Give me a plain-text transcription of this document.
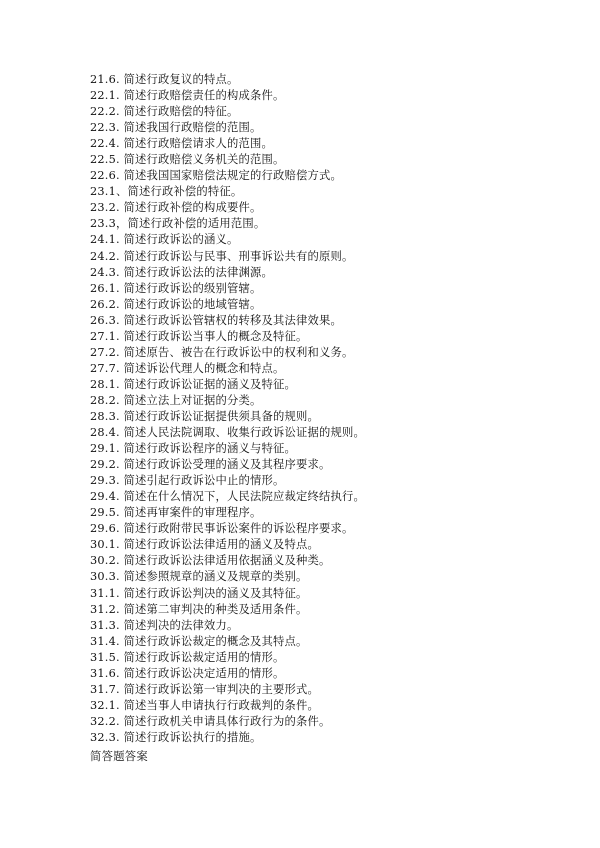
21.6. 简述行政复议的特点。
22.1. 简述行政赔偿责任的构成条件。
22.2. 简述行政赔偿的特征。
22.3. 简述我国行政赔偿的范围。
22.4. 简述行政赔偿请求人的范围。
22.5. 简述行政赔偿义务机关的范围。
22.6. 简述我国国家赔偿法规定的行政赔偿方式。
23.1、简述行政补偿的特征。
23.2. 简述行政补偿的构成要件。
23.3，简述行政补偿的适用范围。
24.1. 简述行政诉讼的涵义。
24.2. 简述行政诉讼与民事、刑事诉讼共有的原则。
24.3. 简述行政诉讼法的法律渊源。
26.1. 简述行政诉讼的级别管辖。
26.2. 简述行政诉讼的地域管辖。
26.3. 简述行政诉讼管辖权的转移及其法律效果。
27.1. 简述行政诉讼当事人的概念及特征。
27.2. 简述原告、被告在行政诉讼中的权利和义务。
27.7. 简述诉讼代理人的概念和特点。
28.1. 简述行政诉讼证据的涵义及特征。
28.2. 简述立法上对证据的分类。
28.3. 简述行政诉讼证据提供须具备的规则。
28.4. 简述人民法院调取、收集行政诉讼证据的规则。
29.1. 简述行政诉讼程序的涵义与特征。
29.2. 简述行政诉讼受理的涵义及其程序要求。
29.3. 简述引起行政诉讼中止的情形。
29.4. 简述在什么情况下，人民法院应裁定终结执行。
29.5. 简述再审案件的审理程序。
29.6. 简述行政附带民事诉讼案件的诉讼程序要求。
30.1. 简述行政诉讼法律适用的涵义及特点。
30.2. 简述行政诉讼法律适用依据涵义及种类。
30.3. 简述参照规章的涵义及规章的类别。
31.1. 简述行政诉讼判决的涵义及其特征。
31.2. 简述第二审判决的种类及适用条件。
31.3. 简述判决的法律效力。
31.4. 简述行政诉讼裁定的概念及其特点。
31.5. 简述行政诉讼裁定适用的情形。
31.6. 简述行政诉讼决定适用的情形。
31.7. 简述行政诉讼第一审判决的主要形式。
32.1. 简述当事人申请执行行政裁判的条件。
32.2. 简述行政机关申请具体行政行为的条件。
32.3. 简述行政诉讼执行的措施。
简答题答案
